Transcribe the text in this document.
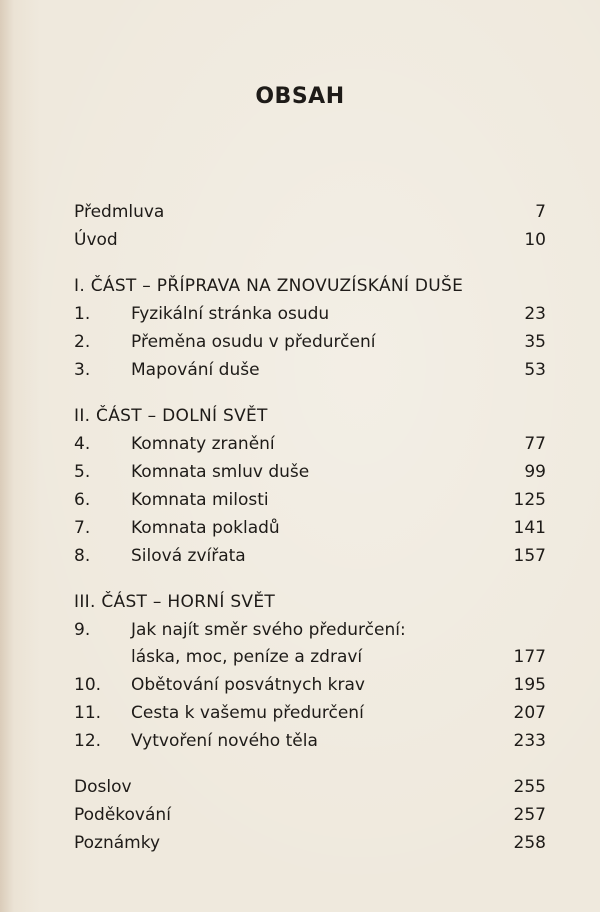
OBSAH
Předmluva	7
Úvod	10
I. ČÁST – PŘÍPRAVA NA ZNOVUZÍSKÁNÍ DUŠE
1. Fyzikální stránka osudu	23
2. Přeměna osudu v předurčení	35
3. Mapování duše	53
II. ČÁST – DOLNÍ SVĚT
4. Komnaty zranění	77
5. Komnata smluv duše	99
6. Komnata milosti	125
7. Komnata pokladů	141
8. Silová zvířata	157
III. ČÁST – HORNÍ SVĚT
9. Jak najít směr svého předurčení:
láska, moc, peníze a zdraví	177
10. Obětování posvátnych krav	195
11. Cesta k vašemu předurčení	207
12. Vytvoření nového těla	233
Doslov	255
Poděkování	257
Poznámky	258
